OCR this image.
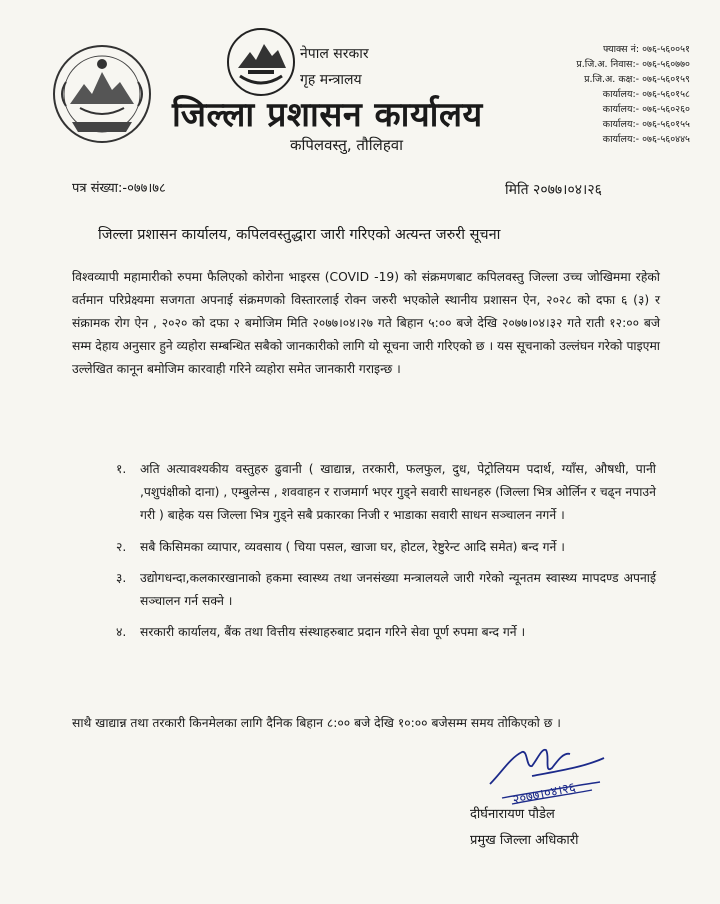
नेपाल सरकार
गृह मन्त्रालय
जिल्ला प्रशासन कार्यालय
कपिलवस्तु, तौलिहवा
फ्याक्स नं: ०७६-५६००५१
प्र.जि.अ. निवास:- ०७६-५६०७७०
प्र.जि.अ. कक्ष:- ०७६-५६०१५९
कार्यालय:- ०७६-५६०१५८
कार्यालय:- ०७६-५६०२६०
कार्यालय:- ०७६-५६०१५५
कार्यालय:- ०७६-५६०४४५
पत्र संख्या:-०७७।७८	मिति २०७७।०४।२६
जिल्ला प्रशासन कार्यालय, कपिलवस्तुद्धारा जारी गरिएको अत्यन्त जरुरी सूचना
विश्वव्यापी महामारीको रुपमा फैलिएको कोरोना भाइरस (COVID -19) को संक्रमणबाट कपिलवस्तु जिल्ला उच्च जोखिममा रहेको वर्तमान परिप्रेक्ष्यमा सजगता अपनाई संक्रमणको विस्तारलाई रोक्न जरुरी भएकोले स्थानीय प्रशासन ऐन, २०२८ को दफा ६ (३) र संक्रामक रोग ऐन , २०२० को दफा २ बमोजिम मिति २०७७।०४।२७ गते बिहान ५:०० बजे देखि २०७७।०४।३२ गते राती १२:०० बजे सम्म देहाय अनुसार हुने व्यहोरा सम्बन्धित सबैको जानकारीको लागि यो सूचना जारी गरिएको छ । यस सूचनाको उल्लंघन गरेको पाइएमा उल्लेखित कानून बमोजिम कारवाही गरिने व्यहोरा समेत जानकारी गराइन्छ ।
१.	अति अत्यावश्यकीय वस्तुहरु ढुवानी ( खाद्यान्न, तरकारी, फलफुल, दुध, पेट्रोलियम पदार्थ, ग्याँस, औषधी, पानी ,पशुपंक्षीको दाना) , एम्बुलेन्स , शववाहन र राजमार्ग भएर गुड्ने सवारी साधनहरु (जिल्ला भित्र ओर्लिन र चढ्न नपाउने गरी ) बाहेक यस जिल्ला भित्र गुड्ने सबै प्रकारका निजी र भाडाका सवारी साधन सञ्चालन नगर्ने ।
२.	सबै किसिमका व्यापार, व्यवसाय ( चिया पसल, खाजा घर, होटल, रेष्टुरेन्ट आदि समेत) बन्द गर्ने ।
३.	उद्योगधन्दा,कलकारखानाको हकमा स्वास्थ्य तथा जनसंख्या मन्त्रालयले जारी गरेको न्यूनतम स्वास्थ्य मापदण्ड अपनाई सञ्चालन गर्न सक्ने ।
४.	सरकारी कार्यालय, बैंक तथा वित्तीय संस्थाहरुबाट प्रदान गरिने सेवा पूर्ण रुपमा बन्द गर्ने ।
साथै खाद्यान्न तथा तरकारी किनमेलका लागि दैनिक बिहान ८:०० बजे देखि १०:०० बजेसम्म समय तोकिएको छ ।
२०७७।०४।२६
दीर्घनारायण पौडेल
प्रमुख जिल्ला अधिकारी
